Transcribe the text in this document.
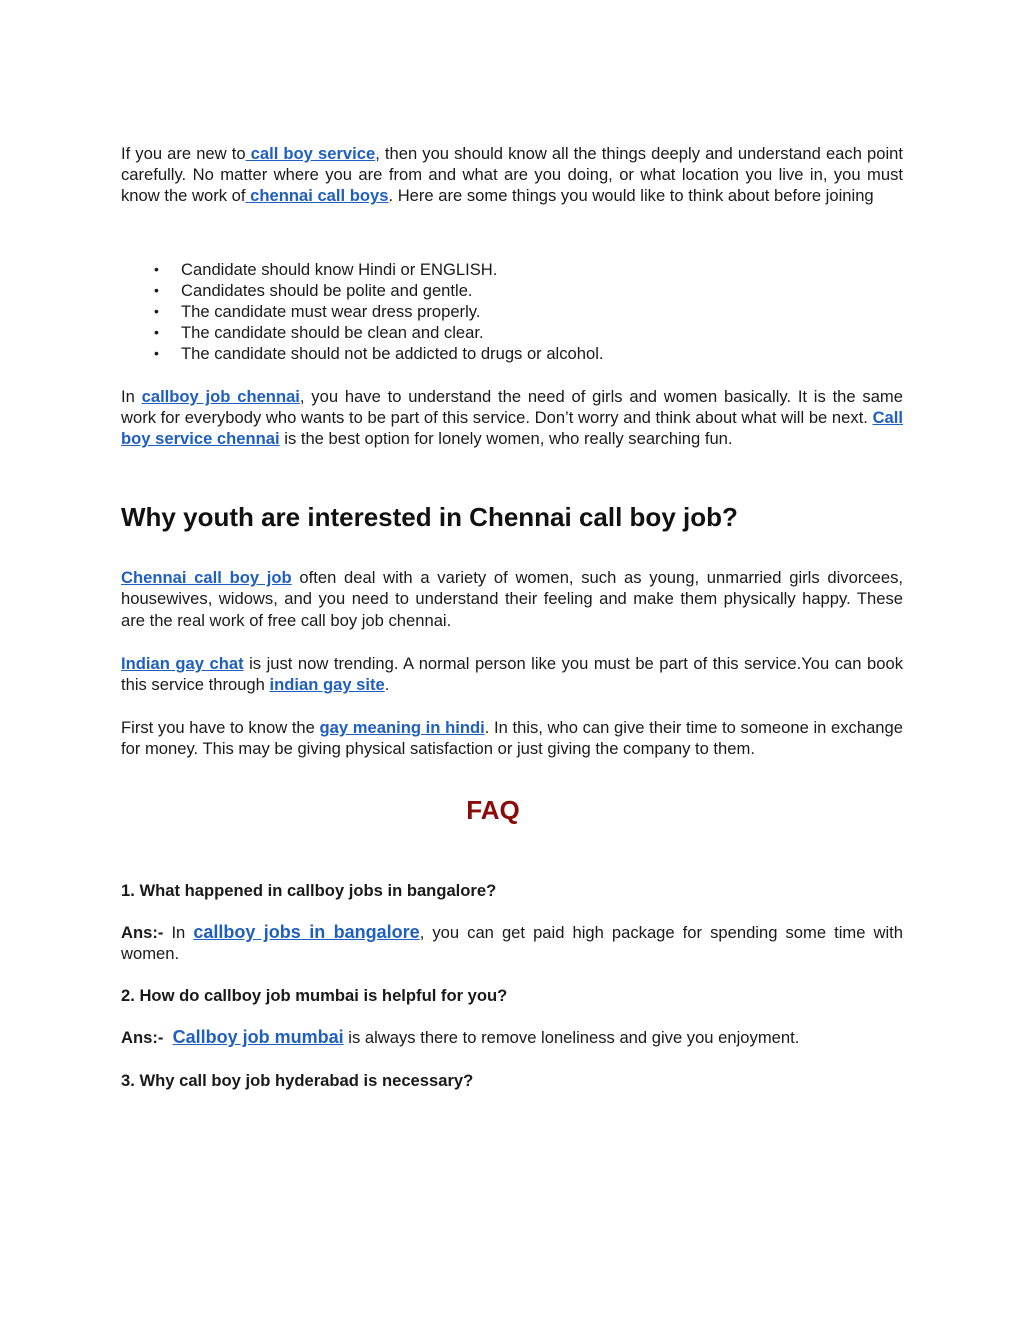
If you are new to call boy service, then you should know all the things deeply and understand each point carefully. No matter where you are from and what are you doing, or what location you live in, you must know the work of chennai call boys. Here are some things you would like to think about before joining

• Candidate should know Hindi or ENGLISH.
• Candidates should be polite and gentle.
• The candidate must wear dress properly.
• The candidate should be clean and clear.
• The candidate should not be addicted to drugs or alcohol.

In callboy job chennai, you have to understand the need of girls and women basically. It is the same work for everybody who wants to be part of this service. Don’t worry and think about what will be next. Call boy service chennai is the best option for lonely women, who really searching fun.

Why youth are interested in Chennai call boy job?

Chennai call boy job often deal with a variety of women, such as young, unmarried girls divorcees, housewives, widows, and you need to understand their feeling and make them physically happy. These are the real work of free call boy job chennai.

Indian gay chat is just now trending. A normal person like you must be part of this service.You can book this service through indian gay site.

First you have to know the gay meaning in hindi. In this, who can give their time to someone in exchange for money. This may be giving physical satisfaction or just giving the company to them.

FAQ
1. What happened in callboy jobs in bangalore?

Ans:- In callboy jobs in bangalore, you can get paid high package for spending some time with women.

2. How do callboy job mumbai is helpful for you?

Ans:- Callboy job mumbai is always there to remove loneliness and give you enjoyment.

3. Why call boy job hyderabad is necessary?
